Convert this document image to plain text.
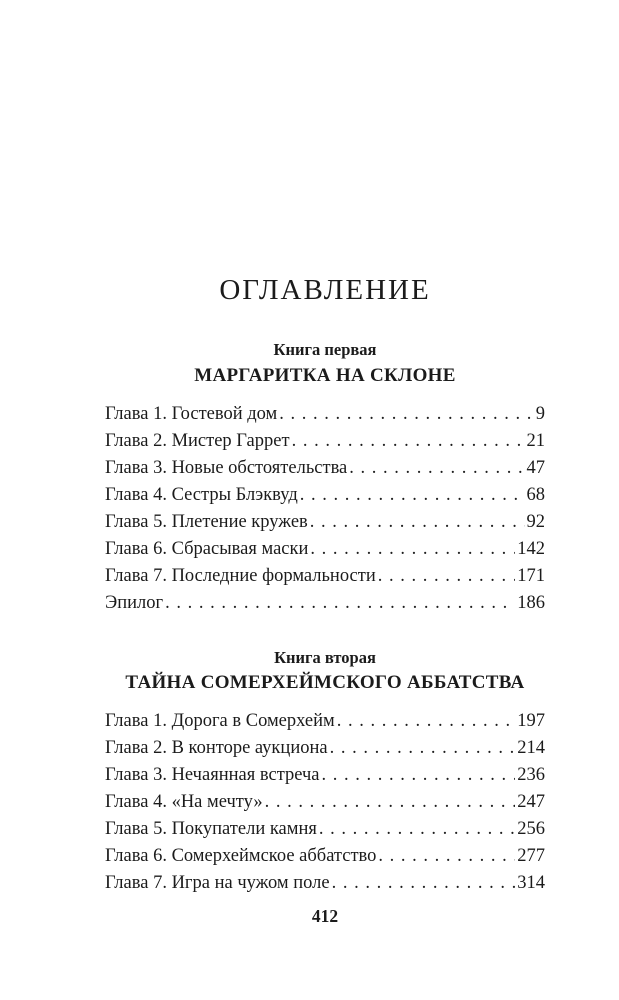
ОГЛАВЛЕНИЕ

Книга первая

МАРГАРИТКА НА СКЛОНЕ

Глава 1. Гостевой дом . . .	9
Глава 2. Мистер Гаррет . . .	21
Глава 3. Новые обстоятельства . . .	47
Глава 4. Сестры Блэквуд . . .	68
Глава 5. Плетение кружев . . .	92
Глава 6. Сбрасывая маски . . .	142
Глава 7. Последние формальности . . .	171
Эпилог . . .	186

Книга вторая

ТАЙНА СОМЕРХЕЙМСКОГО АББАТСТВА

Глава 1. Дорога в Сомерхейм . . .	197
Глава 2. В конторе аукциона . . .	214
Глава 3. Нечаянная встреча . . .	236
Глава 4. «На мечту» . . .	247
Глава 5. Покупатели камня . . .	256
Глава 6. Сомерхеймское аббатство . . .	277
Глава 7. Игра на чужом поле . . .	314
412
